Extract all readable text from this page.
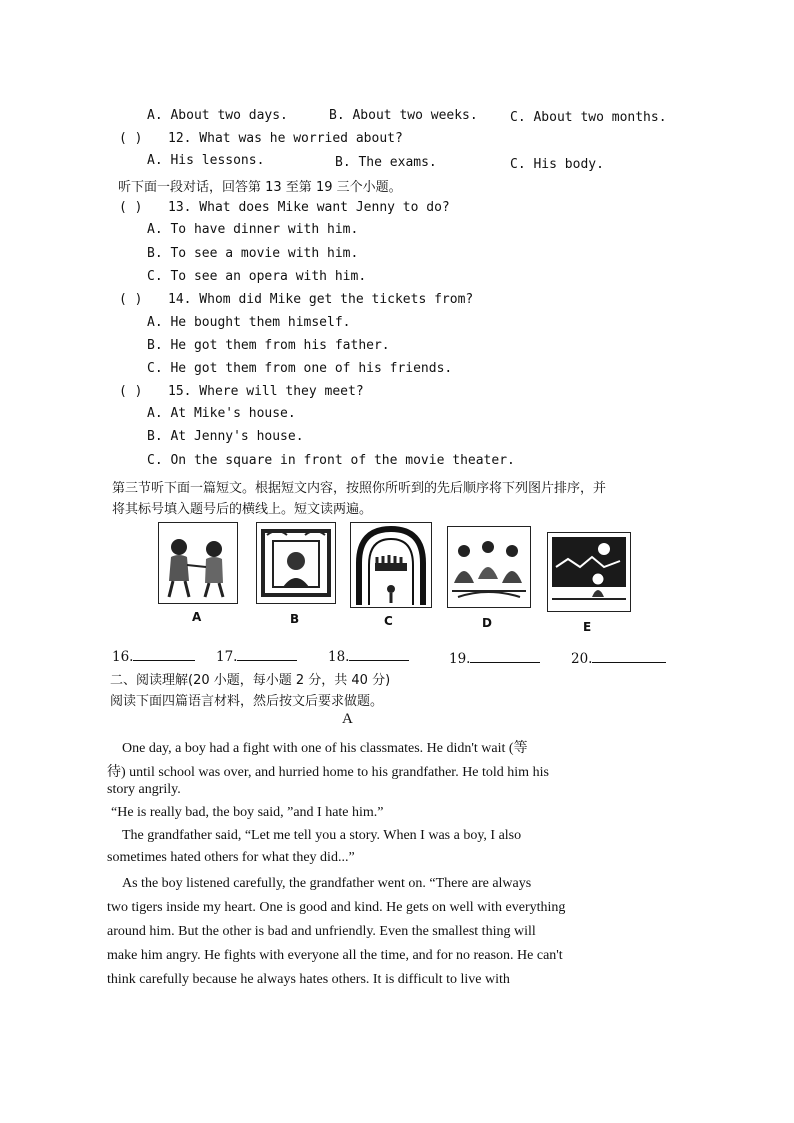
A. About two days.	B. About two weeks. C. About two months.
( ) 12. What was he worried about?
A. His lessons.	B. The exams.	C. His body.
听下面一段对话，回答第 13 至第 19 三个小题。
( ) 13. What does Mike want Jenny to do?
A. To have dinner with him.
B. To see a movie with him.
C. To see an opera with him.
( ) 14. Whom did Mike get the tickets from?
A. He bought them himself.
B. He got them from his father.
C. He got them from one of his friends.
( ) 15. Where will they meet?
A. At Mike's house.
B. At Jenny's house.
C. On the square in front of the movie theater.
第三节听下面一篇短文。根据短文内容，按照你所听到的先后顺序将下列图片排序，并
将其标号填入题号后的横线上。短文读两遍。
A	B	C	D	E
16.	17.	18.	19.	20.
二、阅读理解(20 小题，每小题 2 分，共 40 分)
阅读下面四篇语言材料，然后按文后要求做题。
A
One day, a boy had a fight with one of his classmates. He didn't wait (等
待) until school was over, and hurried home to his grandfather. He told him his
story angrily.
“He is really bad, the boy said, ”and I hate him.”
The grandfather said, “Let me tell you a story. When I was a boy, I also
sometimes hated others for what they did...”
As the boy listened carefully, the grandfather went on. “There are always
two tigers inside my heart. One is good and kind. He gets on well with everything
around him. But the other is bad and unfriendly. Even the smallest thing will
make him angry. He fights with everyone all the time, and for no reason. He can't
think carefully because he always hates others. It is difficult to live with
